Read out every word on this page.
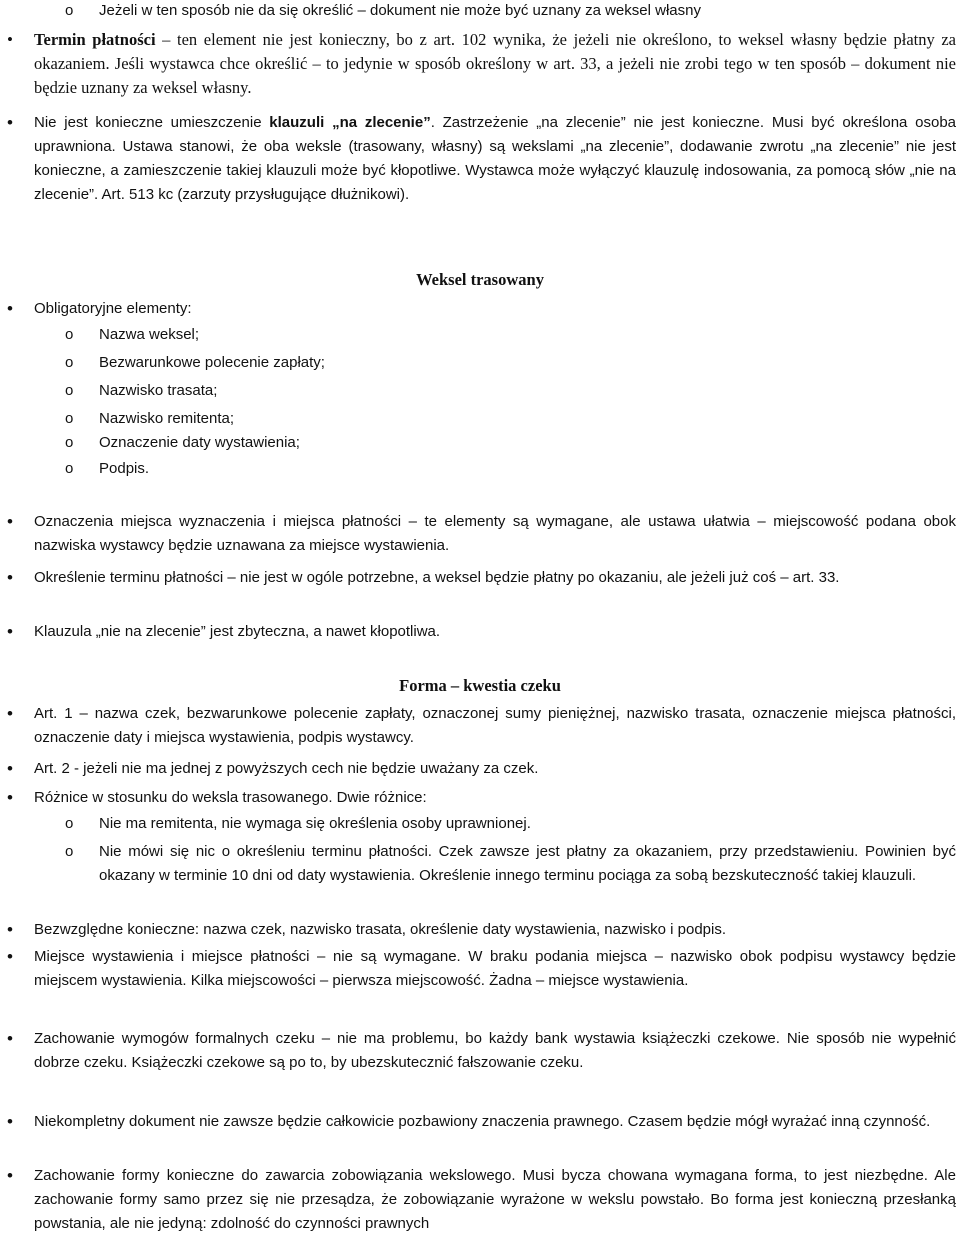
o Jeżeli w ten sposób nie da się określić – dokument nie może być uznany za weksel własny
• Termin płatności – ten element nie jest konieczny, bo z art. 102 wynika, że jeżeli nie określono, to weksel własny będzie płatny za okazaniem. Jeśli wystawca chce określić – to jedynie w sposób określony w art. 33, a jeżeli nie zrobi tego w ten sposób – dokument nie będzie uznany za weksel własny.
• Nie jest konieczne umieszczenie klauzuli „na zlecenie”. Zastrzeżenie „na zlecenie” nie jest konieczne. Musi być określona osoba uprawniona. Ustawa stanowi, że oba weksle (trasowany, własny) są wekslami „na zlecenie”, dodawanie zwrotu „na zlecenie” nie jest konieczne, a zamieszczenie takiej klauzuli może być kłopotliwe. Wystawca może wyłączyć klauzulę indosowania, za pomocą słów „nie na zlecenie”. Art. 513 kc (zarzuty przysługujące dłużnikowi).
Weksel trasowany
• Obligatoryjne elementy:
o Nazwa weksel;
o Bezwarunkowe polecenie zapłaty;
o Nazwisko trasata;
o Nazwisko remitenta;
o Oznaczenie daty wystawienia;
o Podpis.
• Oznaczenia miejsca wyznaczenia i miejsca płatności – te elementy są wymagane, ale ustawa ułatwia – miejscowość podana obok nazwiska wystawcy będzie uznawana za miejsce wystawienia.
• Określenie terminu płatności – nie jest w ogóle potrzebne, a weksel będzie płatny po okazaniu, ale jeżeli już coś – art. 33.
• Klauzula „nie na zlecenie” jest zbyteczna, a nawet kłopotliwa.
Forma – kwestia czeku
• Art. 1 – nazwa czek, bezwarunkowe polecenie zapłaty, oznaczonej sumy pieniężnej, nazwisko trasata, oznaczenie miejsca płatności, oznaczenie daty i miejsca wystawienia, podpis wystawcy.
• Art. 2 - jeżeli nie ma jednej z powyższych cech nie będzie uważany za czek.
• Różnice w stosunku do weksla trasowanego. Dwie różnice:
o Nie ma remitenta, nie wymaga się określenia osoby uprawnionej.
o Nie mówi się nic o określeniu terminu płatności. Czek zawsze jest płatny za okazaniem, przy przedstawieniu. Powinien być okazany w terminie 10 dni od daty wystawienia. Określenie innego terminu pociąga za sobą bezskuteczność takiej klauzuli.
• Bezwzględne konieczne: nazwa czek, nazwisko trasata, określenie daty wystawienia, nazwisko i podpis.
• Miejsce wystawienia i miejsce płatności – nie są wymagane. W braku podania miejsca – nazwisko obok podpisu wystawcy będzie miejscem wystawienia. Kilka miejscowości – pierwsza miejscowość. Żadna – miejsce wystawienia.
• Zachowanie wymogów formalnych czeku – nie ma problemu, bo każdy bank wystawia książeczki czekowe. Nie sposób nie wypełnić dobrze czeku. Książeczki czekowe są po to, by ubezskutecznić fałszowanie czeku.
• Niekompletny dokument nie zawsze będzie całkowicie pozbawiony znaczenia prawnego. Czasem będzie mógł wyrażać inną czynność.
• Zachowanie formy konieczne do zawarcia zobowiązania wekslowego. Musi bycza chowana wymagana forma, to jest niezbędne. Ale zachowanie formy samo przez się nie przesądza, że zobowiązanie wyrażone w wekslu powstało. Bo forma jest konieczną przesłanką powstania, ale nie jedyną: zdolność do czynności prawnych
